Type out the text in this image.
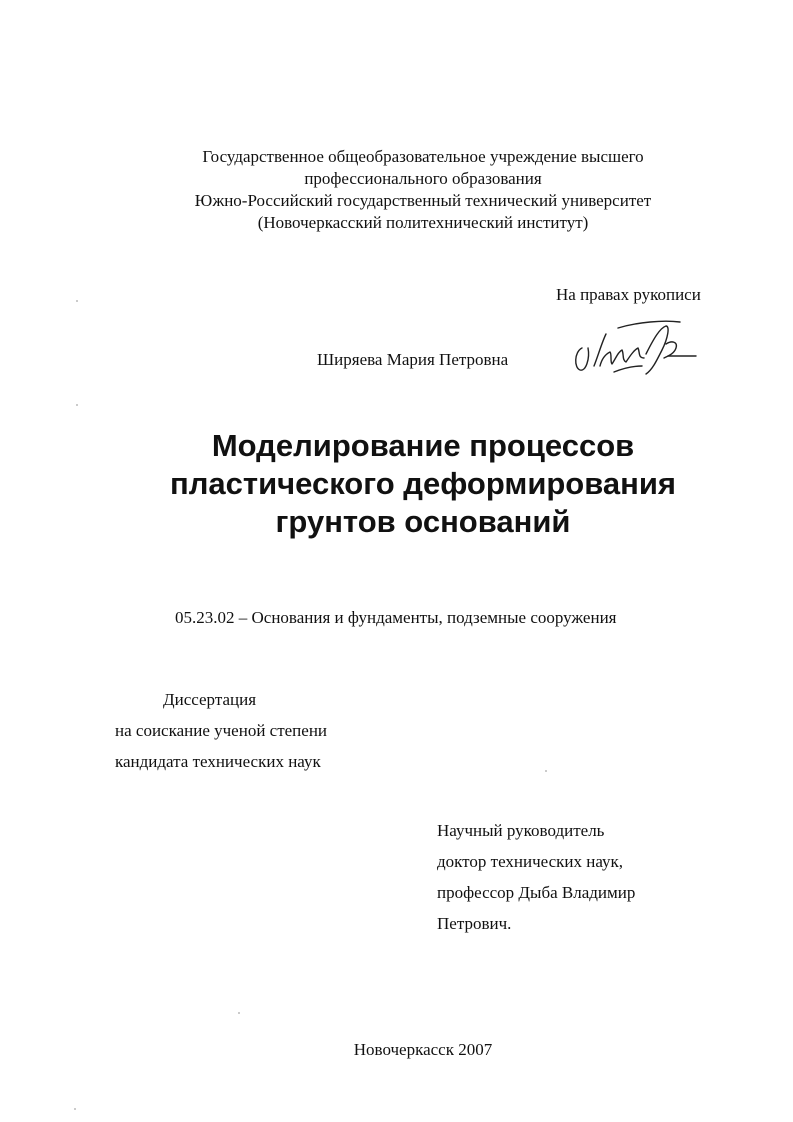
Государственное общеобразовательное учреждение высшего
профессионального образования
Южно-Российский государственный технический университет
(Новочеркасский политехнический институт)
На правах рукописи
Ширяева Мария Петровна
Моделирование процессов
пластического деформирования
грунтов оснований
05.23.02 – Основания и фундаменты, подземные сооружения
Диссертация
на соискание ученой степени
кандидата технических наук
Научный руководитель
доктор технических наук,
профессор Дыба Владимир
Петрович.
Новочеркасск 2007
